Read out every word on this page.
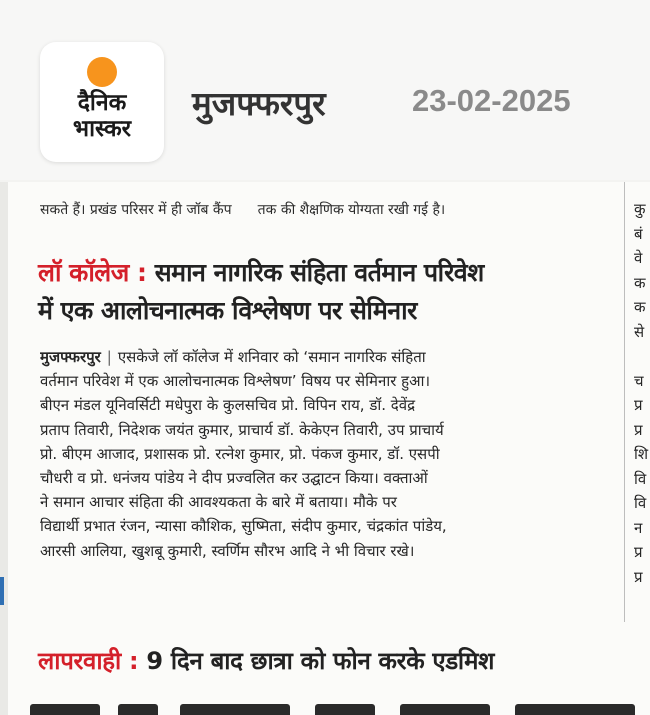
दैनिक
भास्कर
मुजफ्फरपुर	23-02-2025
सकते हैं। प्रखंड परिसर में ही जॉब कैंप तक की शैक्षणिक योग्यता रखी गई है।
लॉ कॉलेज : समान नागरिक संहिता वर्तमान परिवेश
में एक आलोचनात्मक विश्लेषण पर सेमिनार
मुजफ्फरपुर | एसकेजे लॉ कॉलेज में शनिवार को ‘समान नागरिक संहिता
वर्तमान परिवेश में एक आलोचनात्मक विश्लेषण’ विषय पर सेमिनार हुआ।
बीएन मंडल यूनिवर्सिटी मधेपुरा के कुलसचिव प्रो. विपिन राय, डॉ. देवेंद्र
प्रताप तिवारी, निदेशक जयंत कुमार, प्राचार्य डॉ. केकेएन तिवारी, उप प्राचार्य
प्रो. बीएम आजाद, प्रशासक प्रो. रत्नेश कुमार, प्रो. पंकज कुमार, डॉ. एसपी
चौधरी व प्रो. धनंजय पांडेय ने दीप प्रज्वलित कर उद्घाटन किया। वक्ताओं
ने समान आचार संहिता की आवश्यकता के बारे में बताया। मौके पर
विद्यार्थी प्रभात रंजन, न्यासा कौशिक, सुष्मिता, संदीप कुमार, चंद्रकांत पांडेय,
आरसी आलिया, खुशबू कुमारी, स्वर्णिम सौरभ आदि ने भी विचार रखे।
कु
बं
वे
क
क
से

च
प्र
प्र
शि
वि
वि
न
प्र
प्र
लापरवाही : 9 दिन बाद छात्रा को फोन करके एडमिश
